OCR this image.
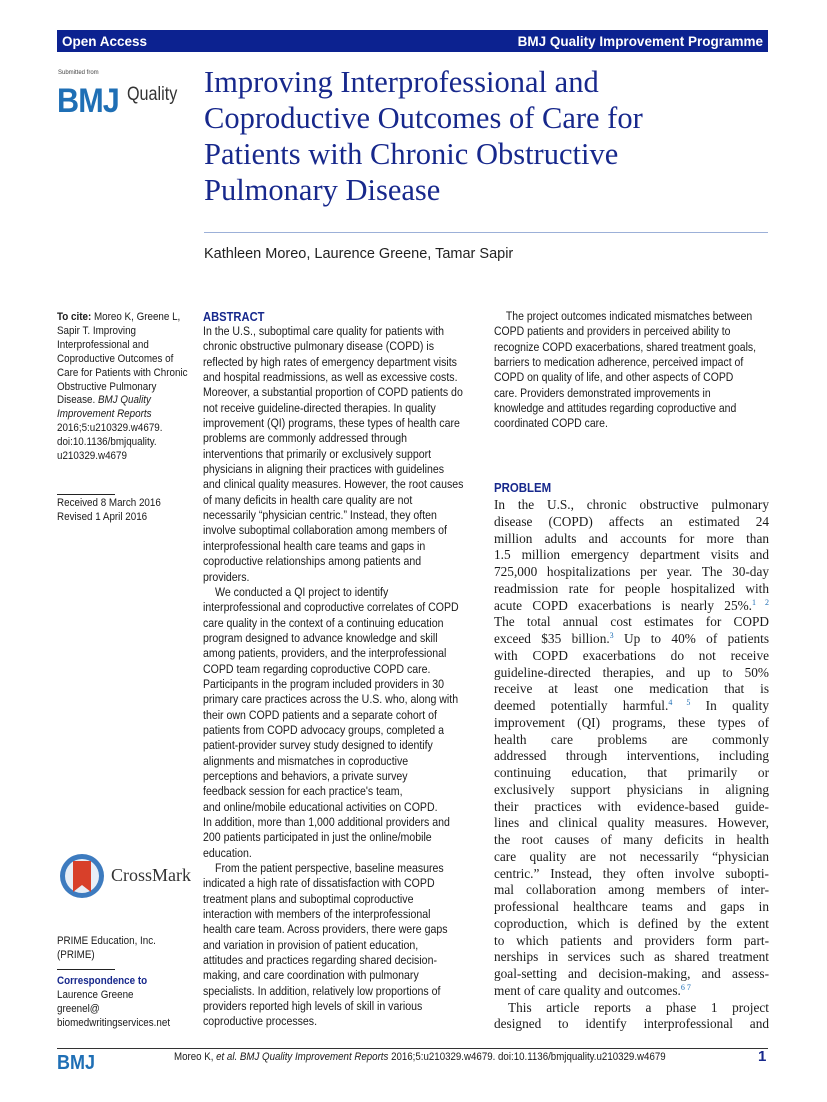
Open Access	BMJ Quality Improvement Programme
Submitted from
BMJ Quality Improving Interprofessional and
Coproductive Outcomes of Care for
Patients with Chronic Obstructive
Pulmonary Disease
Kathleen Moreo, Laurence Greene, Tamar Sapir
To cite: Moreo K, Greene L,
Sapir T. Improving
Interprofessional and
Coproductive Outcomes of
Care for Patients with Chronic
Obstructive Pulmonary
Disease. BMJ Quality
Improvement Reports
2016;5:u210329.w4679.
doi:10.1136/bmjquality.
u210329.w4679
Received 8 March 2016
Revised 1 April 2016
CrossMark
PRIME Education, Inc.
(PRIME)
Correspondence to
Laurence Greene
greenel@
biomedwritingservices.net
ABSTRACT
In the U.S., suboptimal care quality for patients with
chronic obstructive pulmonary disease (COPD) is
reflected by high rates of emergency department visits
and hospital readmissions, as well as excessive costs.
Moreover, a substantial proportion of COPD patients do
not receive guideline-directed therapies. In quality
improvement (QI) programs, these types of health care
problems are commonly addressed through
interventions that primarily or exclusively support
physicians in aligning their practices with guidelines
and clinical quality measures. However, the root causes
of many deficits in health care quality are not
necessarily “physician centric.” Instead, they often
involve suboptimal collaboration among members of
interprofessional health care teams and gaps in
coproductive relationships among patients and
providers.
We conducted a QI project to identify
interprofessional and coproductive correlates of COPD
care quality in the context of a continuing education
program designed to advance knowledge and skill
among patients, providers, and the interprofessional
COPD team regarding coproductive COPD care.
Participants in the program included providers in 30
primary care practices across the U.S. who, along with
their own COPD patients and a separate cohort of
patients from COPD advocacy groups, completed a
patient-provider survey study designed to identify
alignments and mismatches in coproductive
perceptions and behaviors, a private survey
feedback session for each practice's team,
and online/mobile educational activities on COPD.
In addition, more than 1,000 additional providers and
200 patients participated in just the online/mobile
education.
From the patient perspective, baseline measures
indicated a high rate of dissatisfaction with COPD
treatment plans and suboptimal coproductive
interaction with members of the interprofessional
health care team. Across providers, there were gaps
and variation in provision of patient education,
attitudes and practices regarding shared decision-
making, and care coordination with pulmonary
specialists. In addition, relatively low proportions of
providers reported high levels of skill in various
coproductive processes.
The project outcomes indicated mismatches between
COPD patients and providers in perceived ability to
recognize COPD exacerbations, shared treatment goals,
barriers to medication adherence, perceived impact of
COPD on quality of life, and other aspects of COPD
care. Providers demonstrated improvements in
knowledge and attitudes regarding coproductive and
coordinated COPD care.
PROBLEM
In the U.S., chronic obstructive pulmonary
disease (COPD) affects an estimated 24
million adults and accounts for more than
1.5 million emergency department visits and
725,000 hospitalizations per year. The 30-day
readmission rate for people hospitalized with
acute COPD exacerbations is nearly 25%.$^{1 2}$
The total annual cost estimates for COPD
exceed $35 billion.$^3$ Up to 40% of patients
with COPD exacerbations do not receive
guideline-directed therapies, and up to 50%
receive at least one medication that is
deemed potentially harmful.$^{4 5}$ In quality
improvement (QI) programs, these types of
health care problems are commonly
addressed through interventions, including
continuing education, that primarily or
exclusively support physicians in aligning
their practices with evidence-based guide-
lines and clinical quality measures. However,
the root causes of many deficits in health
care quality are not necessarily “physician
centric.” Instead, they often involve subopti-
mal collaboration among members of inter-
professional healthcare teams and gaps in
coproduction, which is defined by the extent
to which patients and providers form part-
nerships in services such as shared treatment
goal-setting and decision-making, and assess-
ment of care quality and outcomes.$^{6 7}$
This article reports a phase 1 project
designed to identify interprofessional and
BMJ	Moreo K, et al. BMJ Quality Improvement Reports 2016;5:u210329.w4679. doi:10.1136/bmjquality.u210329.w4679	1
